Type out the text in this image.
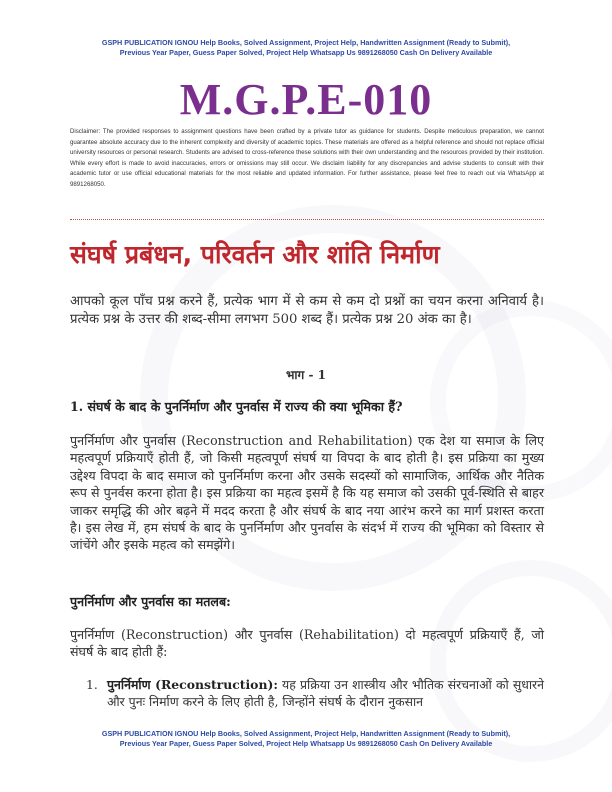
GSPH PUBLICATION IGNOU Help Books, Solved Assignment, Project Help, Handwritten Assignment (Ready to Submit),
Previous Year Paper, Guess Paper Solved, Project Help Whatsapp Us 9891268050 Cash On Delivery Available
M.G.P.E-010
Disclaimer: The provided responses to assignment questions have been crafted by a private tutor as guidance for students. Despite meticulous preparation, we cannot guarantee absolute accuracy due to the inherent complexity and diversity of academic topics. These materials are offered as a helpful reference and should not replace official university resources or personal research. Students are advised to cross-reference these solutions with their own understanding and the resources provided by their institution. While every effort is made to avoid inaccuracies, errors or omissions may still occur. We disclaim liability for any discrepancies and advise students to consult with their academic tutor or use official educational materials for the most reliable and updated information. For further assistance, please feel free to reach out via WhatsApp at 9891268050.
संघर्ष प्रबंधन, परिवर्तन और शांति निर्माण
आपको कूल पाँच प्रश्न करने हैं, प्रत्येक भाग में से कम से कम दो प्रश्नों का चयन करना अनिवार्य है। प्रत्येक प्रश्न के उत्तर की शब्द-सीमा लगभग 500 शब्द हैं। प्रत्येक प्रश्न 20 अंक का है।
भाग - 1
1. संघर्ष के बाद के पुनर्निर्माण और पुनर्वास में राज्य की क्या भूमिका हैं?
पुनर्निर्माण और पुनर्वास (Reconstruction and Rehabilitation) एक देश या समाज के लिए महत्वपूर्ण प्रक्रियाएँ होती हैं, जो किसी महत्वपूर्ण संघर्ष या विपदा के बाद होती है। इस प्रक्रिया का मुख्य उद्देश्य विपदा के बाद समाज को पुनर्निर्माण करना और उसके सदस्यों को सामाजिक, आर्थिक और नैतिक रूप से पुनर्वस करना होता है। इस प्रक्रिया का महत्व इसमें है कि यह समाज को उसकी पूर्व-स्थिति से बाहर जाकर समृद्धि की ओर बढ़ने में मदद करता है और संघर्ष के बाद नया आरंभ करने का मार्ग प्रशस्त करता है। इस लेख में, हम संघर्ष के बाद के पुनर्निर्माण और पुनर्वास के संदर्भ में राज्य की भूमिका को विस्तार से जांचेंगे और इसके महत्व को समझेंगे।
पुनर्निर्माण और पुनर्वास का मतलब:
पुनर्निर्माण (Reconstruction) और पुनर्वास (Rehabilitation) दो महत्वपूर्ण प्रक्रियाएँ हैं, जो संघर्ष के बाद होती हैं:
1. पुनर्निर्माण (Reconstruction): यह प्रक्रिया उन शास्त्रीय और भौतिक संरचनाओं को सुधारने और पुनः निर्माण करने के लिए होती है, जिन्होंने संघर्ष के दौरान नुकसान
GSPH PUBLICATION IGNOU Help Books, Solved Assignment, Project Help, Handwritten Assignment (Ready to Submit),
Previous Year Paper, Guess Paper Solved, Project Help Whatsapp Us 9891268050 Cash On Delivery Available
